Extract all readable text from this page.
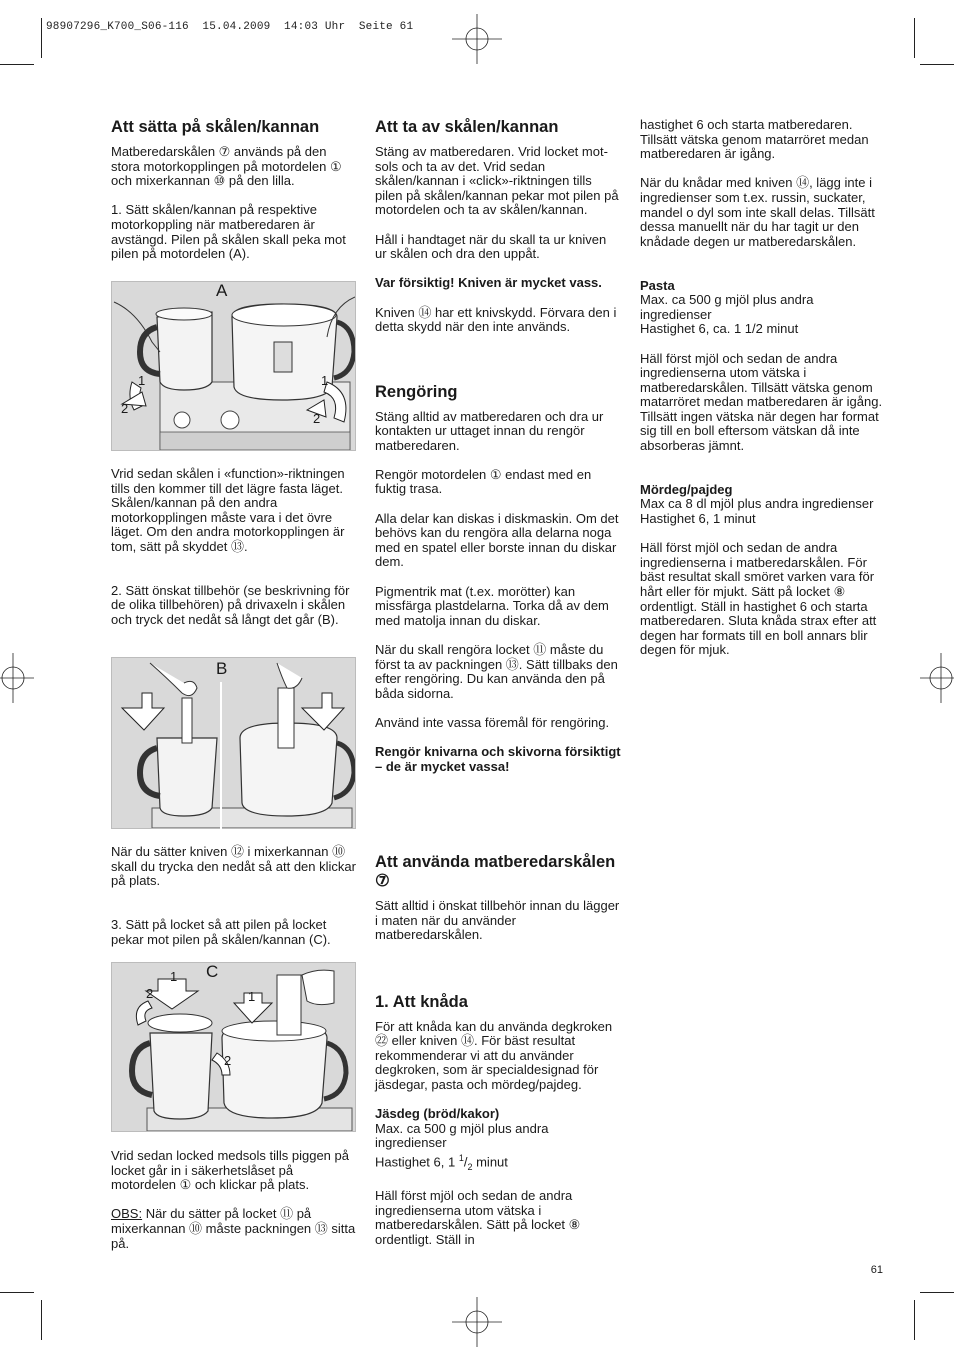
98907296_K700_S06-116  15.04.2009  14:03 Uhr  Seite 61
Att sätta på skålen/kannan

Matberedarskålen ⑦ används på den stora motorkopplingen på motordelen ① och mixerkannan ⑩ på den lilla.

1. Sätt skålen/kannan på respektive motorkoppling när matberedaren är avstängd. Pilen på skålen skall peka mot pilen på motordelen (A).

A
1
2
1
2

Vrid sedan skålen i «function»-riktningen tills den kommer till det lägre fasta läget. Skålen/kannan på den andra motorkopplingen måste vara i det övre läget. Om den andra motorkopplingen är tom, sätt på skyddet ⑬.

2. Sätt önskat tillbehör (se beskrivning för de olika tillbehören) på drivaxeln i skålen och tryck det nedåt så långt det går (B).

B

När du sätter kniven ⑫ i mixerkannan ⑩ skall du trycka den nedåt så att den klickar på plats.

3. Sätt på locket så att pilen på locket pekar mot pilen på skålen/kannan (C).

C
1
2	1
2

Vrid sedan locked medsols tills piggen på locket går in i säkerhetslåset på motordelen ① och klickar på plats.

OBS: När du sätter på locket ⑪ på mixerkannan ⑩ måste packningen ⑬ sitta på.

Att ta av skålen/kannan

Stäng av matberedaren. Vrid locket mot-sols och ta av det. Vrid sedan skålen/kannan i «click»-riktningen tills pilen på skålen/kannan pekar mot pilen på motordelen och ta av skålen/kannan.

Håll i handtaget när du skall ta ur kniven ur skålen och dra den uppåt.

Var försiktig! Kniven är mycket vass.

Kniven ⑭ har ett knivskydd. Förvara den i detta skydd när den inte används.

Rengöring

Stäng alltid av matberedaren och dra ur kontakten ur uttaget innan du rengör matberedaren.

Rengör motordelen ① endast med en fuktig trasa.

Alla delar kan diskas i diskmaskin. Om det behövs kan du rengöra alla delarna noga med en spatel eller borste innan du diskar dem.

Pigmentrik mat (t.ex. morötter) kan missfärga plastdelarna. Torka då av dem med matolja innan du diskar.

När du skall rengöra locket ⑪ måste du först ta av packningen ⑬. Sätt tillbaks den efter rengöring. Du kan använda den på båda sidorna.

Använd inte vassa föremål för rengöring.

Rengör knivarna och skivorna försiktigt – de är mycket vassa!

Att använda matberedarskålen ⑦

Sätt alltid i önskat tillbehör innan du lägger i maten när du använder matberedarskålen.

1. Att knåda

För att knåda kan du använda degkroken ㉒ eller kniven ⑭. För bäst resultat rekommenderar vi att du använder degkroken, som är specialdesignad för jäsdegar, pasta och mördeg/pajdeg.

Jäsdeg (bröd/kakor)
Max. ca 500 g mjöl plus andra ingredienser

Hastighet 6, 1 $^1/_2$ minut

Häll först mjöl och sedan de andra ingredienserna utom vätska i matberedarskålen. Sätt på locket ⑧ ordentligt. Ställ in

hastighet 6 och starta matberedaren. Tillsätt vätska genom matarröret medan matberedaren är igång.

När du knådar med kniven ⑭, lägg inte i ingredienser som t.ex. russin, suckater, mandel o dyl som inte skall delas. Tillsätt dessa manuellt när du har tagit ur den knådade degen ur matberedarskålen.

Pasta
Max. ca 500 g mjöl plus andra ingredienser

Hastighet 6, ca. 1 1/2 minut

Häll först mjöl och sedan de andra ingredienserna utom vätska i matberedarskålen. Tillsätt vätska genom matarröret medan matberedaren är igång. Tillsätt ingen vätska när degen har format sig till en boll eftersom vätskan då inte absorberas jämnt.

Mördeg/pajdeg
Max ca 8 dl mjöl plus andra ingredienser

Hastighet 6, 1 minut

Häll först mjöl och sedan de andra ingredienserna i matberedarskålen. För bäst resultat skall smöret varken vara för hårt eller för mjukt. Sätt på locket ⑧ ordentligt. Ställ in hastighet 6 och starta matberedaren. Sluta knåda strax efter att degen har formats till en boll annars blir degen för mjuk.

61
